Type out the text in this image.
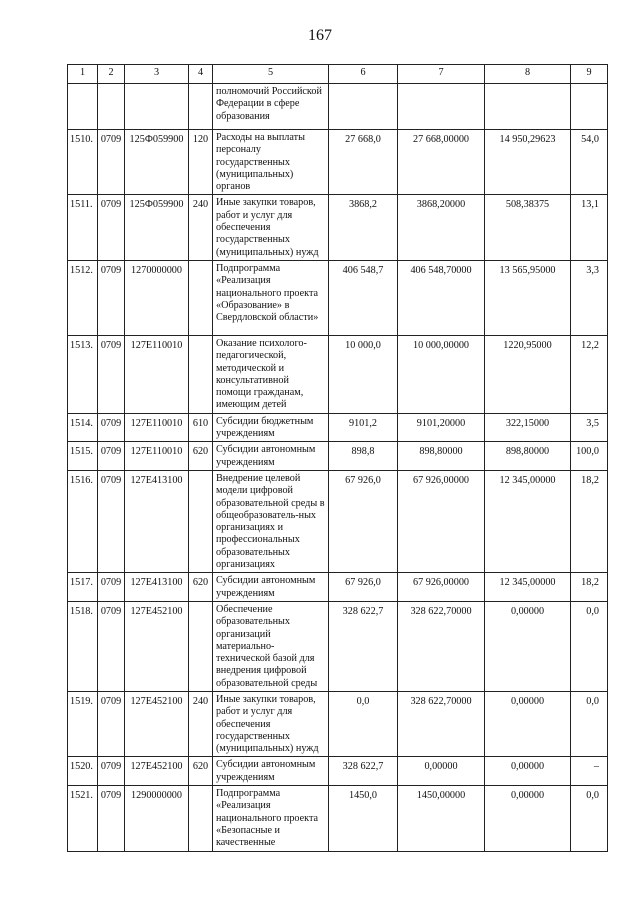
167
1	2	3	4	5	6	7	8	9
				полномочий Российской Федерации в сфере образования				
1510.	0709	125Ф059900	120	Расходы на выплаты персоналу государственных (муниципальных) органов	27 668,0	27 668,00000	14 950,29623	54,0
1511.	0709	125Ф059900	240	Иные закупки товаров, работ и услуг для обеспечения государственных (муниципальных) нужд	3868,2	3868,20000	508,38375	13,1
1512.	0709	1270000000		Подпрограмма «Реализация национального проекта «Образование» в Свердловской области»	406 548,7	406 548,70000	13 565,95000	3,3
1513.	0709	127E110010		Оказание психолого-педагогической, методической и консультативной помощи гражданам, имеющим детей	10 000,0	10 000,00000	1220,95000	12,2
1514.	0709	127E110010	610	Субсидии бюджетным учреждениям	9101,2	9101,20000	322,15000	3,5
1515.	0709	127E110010	620	Субсидии автономным учреждениям	898,8	898,80000	898,80000	100,0
1516.	0709	127E413100		Внедрение целевой модели цифровой образовательной среды в общеобразователь-ных организациях и профессиональных образовательных организациях	67 926,0	67 926,00000	12 345,00000	18,2
1517.	0709	127E413100	620	Субсидии автономным учреждениям	67 926,0	67 926,00000	12 345,00000	18,2
1518.	0709	127E452100		Обеспечение образовательных организаций материально-технической базой для внедрения цифровой образовательной среды	328 622,7	328 622,70000	0,00000	0,0
1519.	0709	127E452100	240	Иные закупки товаров, работ и услуг для обеспечения государственных (муниципальных) нужд	0,0	328 622,70000	0,00000	0,0
1520.	0709	127E452100	620	Субсидии автономным учреждениям	328 622,7	0,00000	0,00000	–
1521.	0709	1290000000		Подпрограмма «Реализация национального проекта «Безопасные и качественные	1450,0	1450,00000	0,00000	0,0
